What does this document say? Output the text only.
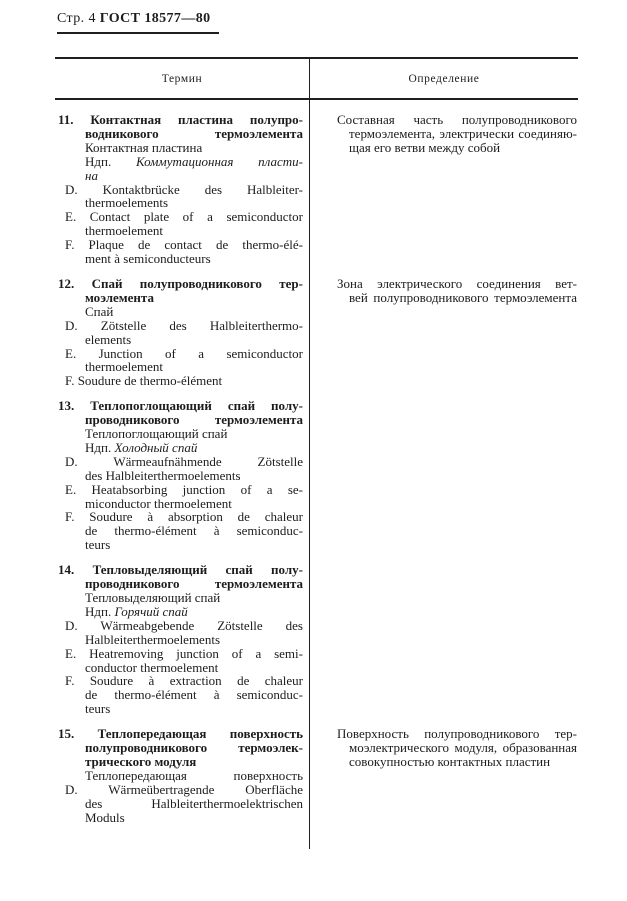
Стр. 4 ГОСТ 18577—80
Термин	Определение
11. Контактная пластина полупро-
водникового термоэлемента
Контактная пластина
Ндп. Коммутационная пласти-
на
D. Kontaktbrücke des Halbleiter-
thermoelements
E. Contact plate of a semiconductor
thermoelement
F. Plaque de contact de thermo-élé-
ment à semiconducteurs
Составная часть полупроводникового
термоэлемента, электрически соединяю-
щая его ветви между собой
12. Спай полупроводникового тер-
моэлемента
Спай
D. Zötstelle des Halbleiterthermo-
elements
E. Junction of a semiconductor
thermoelement
F. Soudure de thermo-élément
Зона электрического соединения вет-
вей полупроводникового термоэлемента
13. Теплопоглощающий спай полу-
проводникового термоэлемента
Теплопоглощающий спай
Ндп. Холодный спай
D. Wärmeaufnähmende Zötstelle
des Halbleiterthermoelements
E. Heatabsorbing junction of a se-
miconductor thermoelement
F. Soudure à absorption de chaleur
de thermo-élément à semiconduc-
teurs
14. Тепловыделяющий спай полу-
проводникового термоэлемента
Тепловыделяющий спай
Ндп. Горячий спай
D. Wärmeabgebende Zötstelle des
Halbleiterthermoelements
E. Heatremoving junction of a semi-
conductor thermoelement
F. Soudure à extraction de chaleur
de thermo-élément à semiconduc-
teurs
15. Теплопередающая поверхность
полупроводникового термоэлек-
трического модуля
Теплопередающая поверхность
D. Wärmeübertragende Oberfläche
des Halbleiterthermoelektrischen
Moduls
Поверхность полупроводникового тер-
моэлектрического модуля, образованная
совокупностью контактных пластин
